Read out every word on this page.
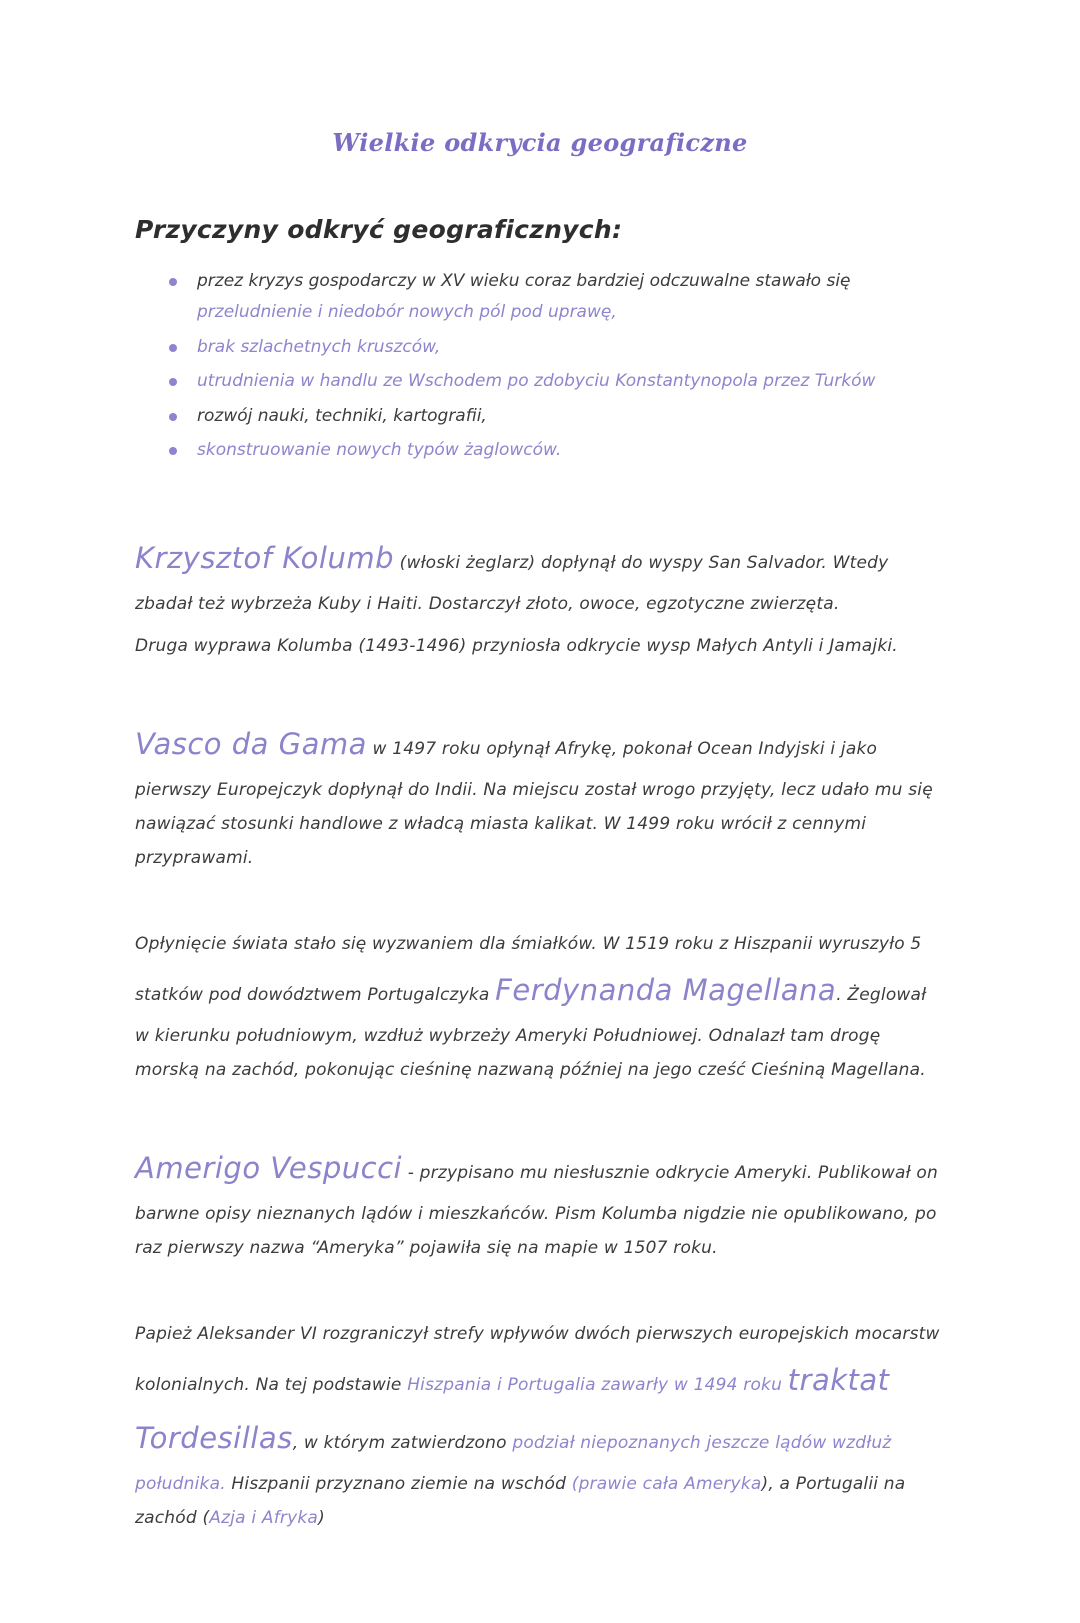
Wielkie odkrycia geograficzne
Przyczyny odkryć geograficznych:
przez kryzys gospodarczy w XV wieku coraz bardziej odczuwalne stawało się przeludnienie i niedobór nowych pól pod uprawę,
brak szlachetnych kruszców,
utrudnienia w handlu ze Wschodem po zdobyciu Konstantynopola przez Turków
rozwój nauki, techniki, kartografii,
skonstruowanie nowych typów żaglowców.

Krzysztof Kolumb (włoski żeglarz) dopłynął do wyspy San Salvador. Wtedy zbadał też wybrzeża Kuby i Haiti. Dostarczył złoto, owoce, egzotyczne zwierzęta.

Druga wyprawa Kolumba (1493-1496) przyniosła odkrycie wysp Małych Antyli i Jamajki.

Vasco da Gama w 1497 roku opłynął Afrykę, pokonał Ocean Indyjski i jako pierwszy Europejczyk dopłynął do Indii. Na miejscu został wrogo przyjęty, lecz udało mu się nawiązać stosunki handlowe z władcą miasta kalikat. W 1499 roku wrócił z cennymi przyprawami.

Opłynięcie świata stało się wyzwaniem dla śmiałków. W 1519 roku z Hiszpanii wyruszyło 5 statków pod dowództwem Portugalczyka Ferdynanda Magellana. Żeglował w kierunku południowym, wzdłuż wybrzeży Ameryki Południowej. Odnalazł tam drogę morską na zachód, pokonując cieśninę nazwaną później na jego cześć Cieśniną Magellana.

Amerigo Vespucci - przypisano mu niesłusznie odkrycie Ameryki. Publikował on barwne opisy nieznanych lądów i mieszkańców. Pism Kolumba nigdzie nie opublikowano, po raz pierwszy nazwa “Ameryka” pojawiła się na mapie w 1507 roku.

Papież Aleksander VI rozgraniczył strefy wpływów dwóch pierwszych europejskich mocarstw kolonialnych. Na tej podstawie Hiszpania i Portugalia zawarły w 1494 roku traktat Tordesillas, w którym zatwierdzono podział niepoznanych jeszcze lądów wzdłuż południka. Hiszpanii przyznano ziemie na wschód (prawie cała Ameryka), a Portugalii na zachód (Azja i Afryka)
